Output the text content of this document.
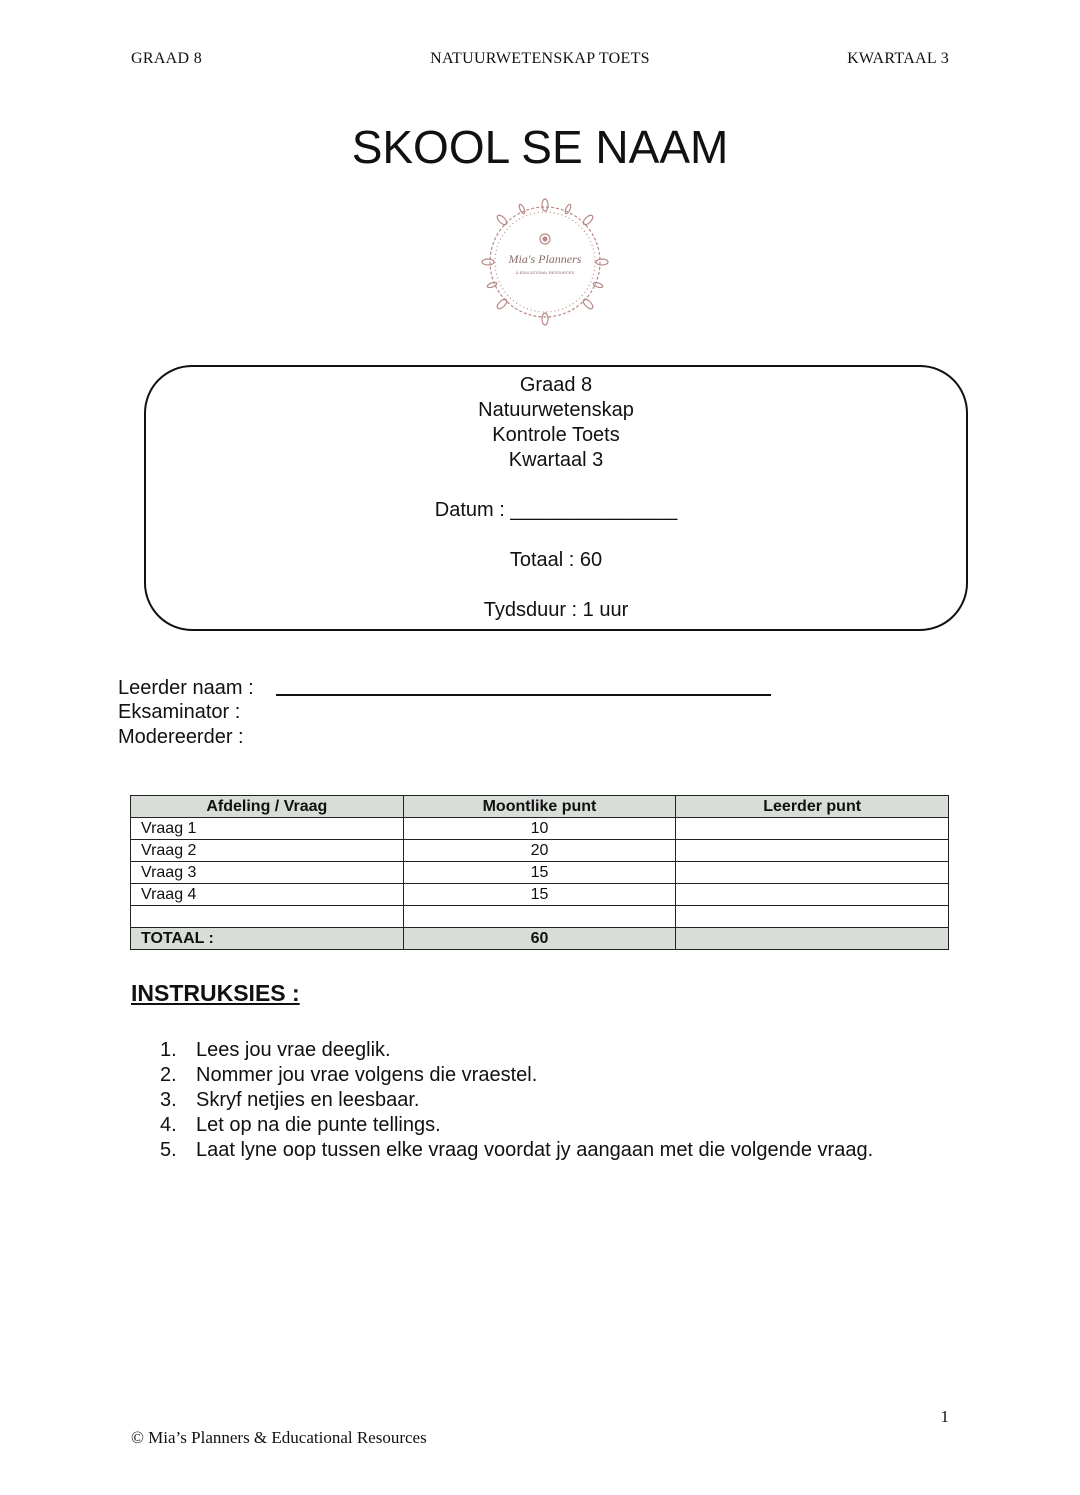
GRAAD 8	NATUURWETENSKAP TOETS	KWARTAAL 3
SKOOL SE NAAM
Mia's Planners
& EDUCATIONAL RESOURCES
Graad 8
Natuurwetenskap
Kontrole Toets
Kwartaal 3
Datum : _______________
Totaal : 60
Tydsduur : 1 uur
Leerder naam :
Eksaminator :
Modereerder :
Afdeling / Vraag	Moontlike punt	Leerder punt
Vraag 1	10	
Vraag 2	20	
Vraag 3	15	
Vraag 4	15	

TOTAAL :	60	
INSTRUKSIES :
1. Lees jou vrae deeglik.
2. Nommer jou vrae volgens die vraestel.
3. Skryf netjies en leesbaar.
4. Let op na die punte tellings.
5. Laat lyne oop tussen elke vraag voordat jy aangaan met die volgende vraag.
1
© Mia’s Planners & Educational Resources
